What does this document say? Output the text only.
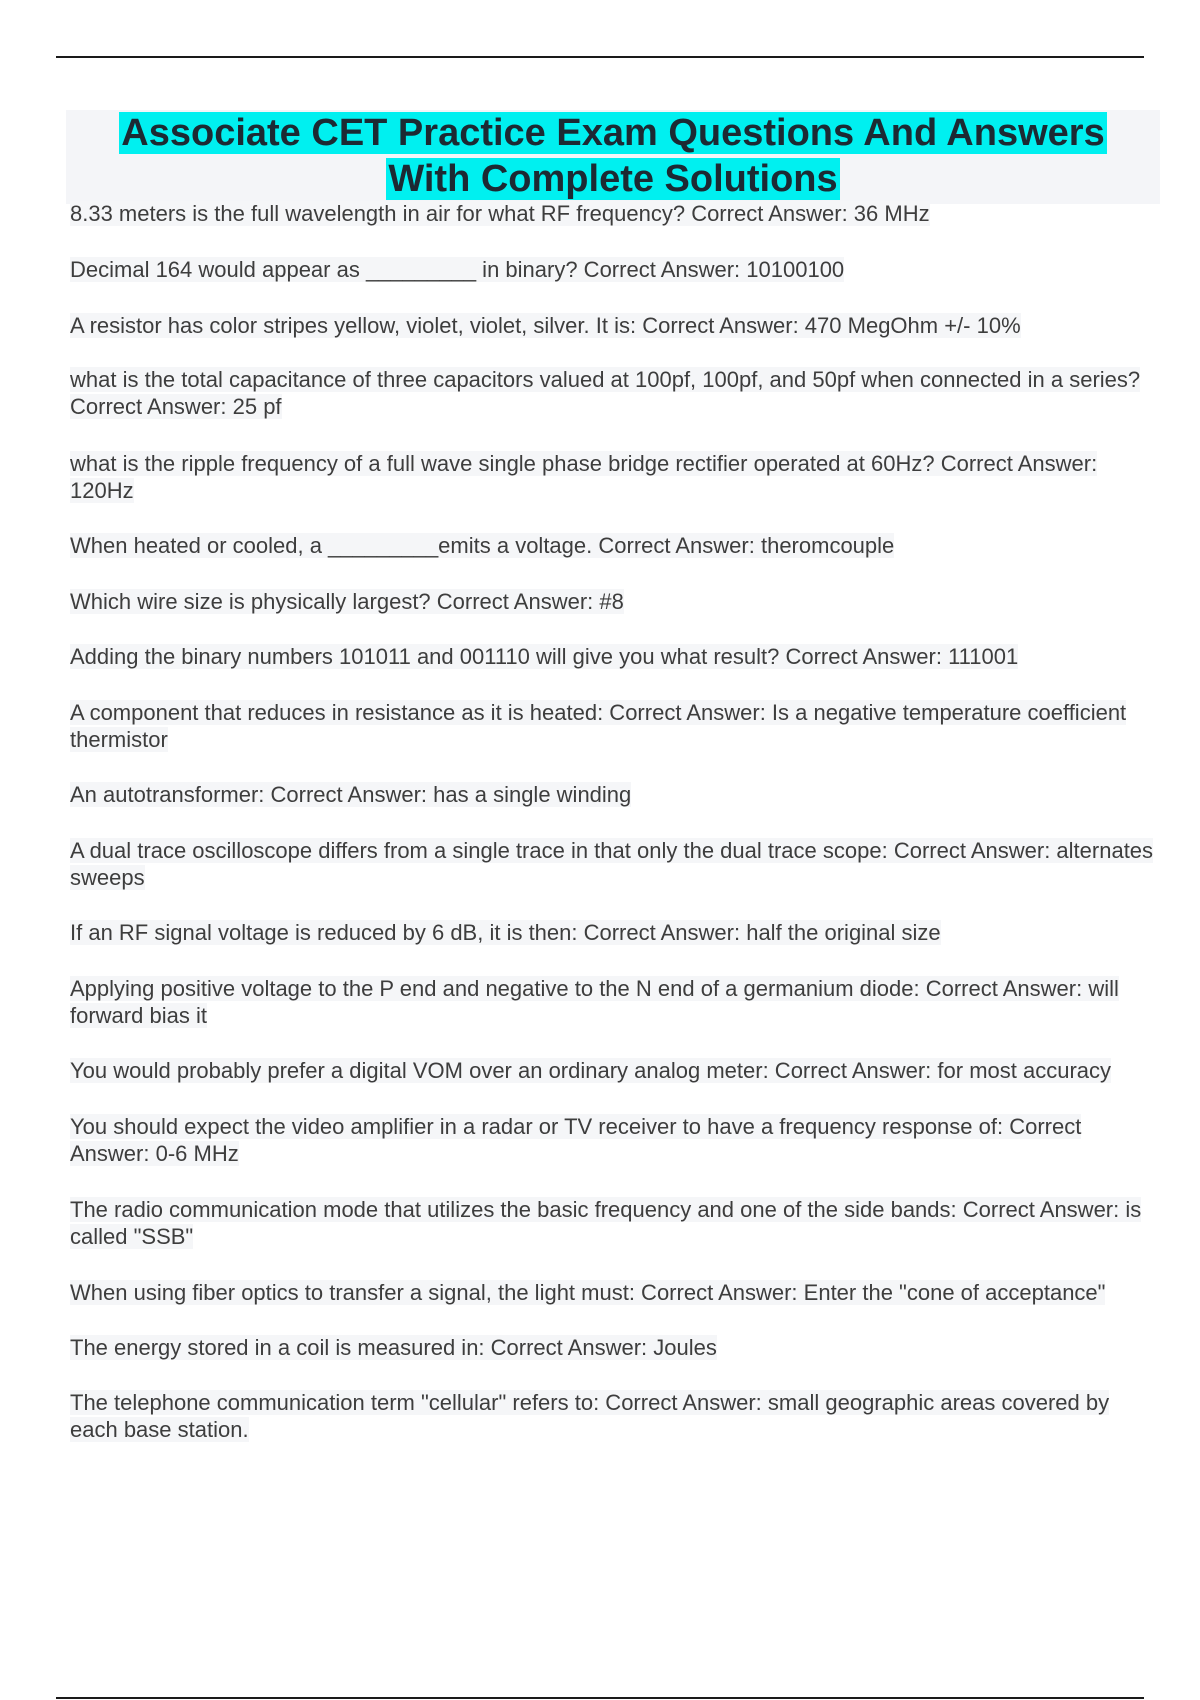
Associate CET Practice Exam Questions And Answers
With Complete Solutions
8.33 meters is the full wavelength in air for what RF frequency? Correct Answer: 36 MHz
Decimal 164 would appear as _________ in binary? Correct Answer: 10100100
A resistor has color stripes yellow, violet, violet, silver. It is: Correct Answer: 470 MegOhm +/- 10%
what is the total capacitance of three capacitors valued at 100pf, 100pf, and 50pf when connected in a series? Correct Answer: 25 pf
what is the ripple frequency of a full wave single phase bridge rectifier operated at 60Hz? Correct Answer: 120Hz
When heated or cooled, a _________emits a voltage. Correct Answer: theromcouple
Which wire size is physically largest? Correct Answer: #8
Adding the binary numbers 101011 and 001110 will give you what result? Correct Answer: 111001
A component that reduces in resistance as it is heated: Correct Answer: Is a negative temperature coefficient thermistor
An autotransformer: Correct Answer: has a single winding
A dual trace oscilloscope differs from a single trace in that only the dual trace scope: Correct Answer: alternates sweeps
If an RF signal voltage is reduced by 6 dB, it is then: Correct Answer: half the original size
Applying positive voltage to the P end and negative to the N end of a germanium diode: Correct Answer: will forward bias it
You would probably prefer a digital VOM over an ordinary analog meter: Correct Answer: for most accuracy
You should expect the video amplifier in a radar or TV receiver to have a frequency response of: Correct Answer: 0-6 MHz
The radio communication mode that utilizes the basic frequency and one of the side bands: Correct Answer: is called "SSB"
When using fiber optics to transfer a signal, the light must: Correct Answer: Enter the "cone of acceptance"
The energy stored in a coil is measured in: Correct Answer: Joules
The telephone communication term "cellular" refers to: Correct Answer: small geographic areas covered by each base station.
